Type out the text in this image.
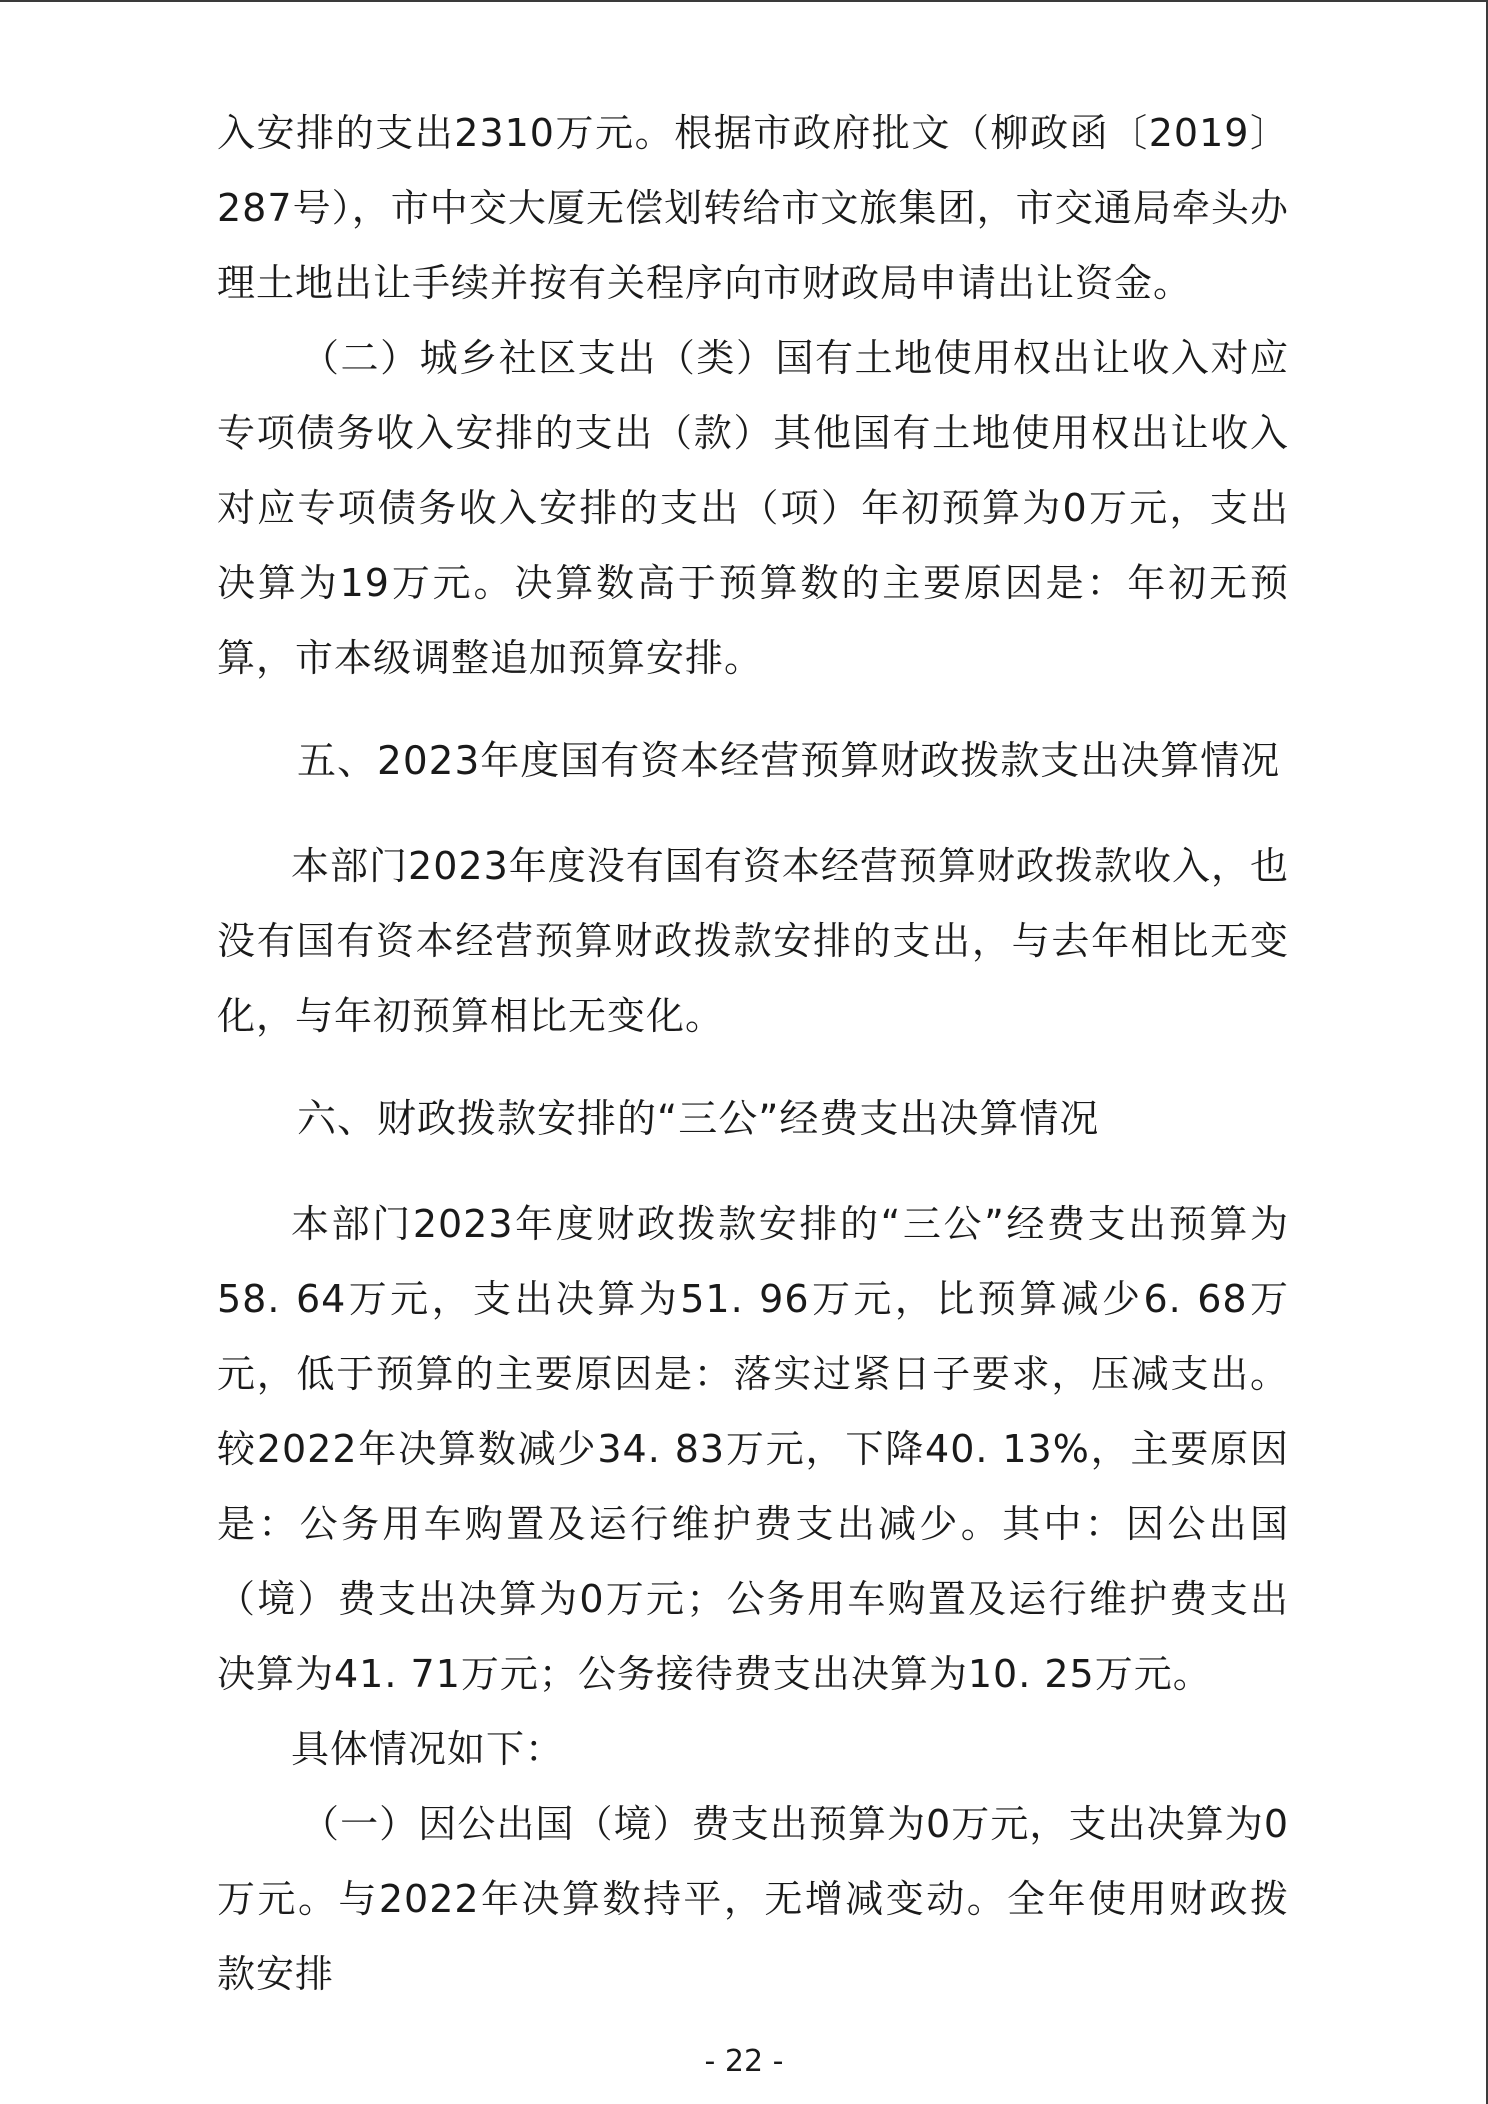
入安排的支出2310万元。根据市政府批文（柳政函〔2019〕287号），市中交大厦无偿划转给市文旅集团，市交通局牵头办理土地出让手续并按有关程序向市财政局申请出让资金。

（二）城乡社区支出（类）国有土地使用权出让收入对应专项债务收入安排的支出（款）其他国有土地使用权出让收入对应专项债务收入安排的支出（项）年初预算为0万元，支出决算为19万元。决算数高于预算数的主要原因是：年初无预算，市本级调整追加预算安排。

五、2023年度国有资本经营预算财政拨款支出决算情况

本部门2023年度没有国有资本经营预算财政拨款收入，也没有国有资本经营预算财政拨款安排的支出，与去年相比无变化，与年初预算相比无变化。

六、财政拨款安排的“三公”经费支出决算情况

本部门2023年度财政拨款安排的“三公”经费支出预算为58. 64万元，支出决算为51. 96万元，比预算减少6. 68万元，低于预算的主要原因是：落实过紧日子要求，压减支出。较2022年决算数减少34. 83万元，下降40. 13%，主要原因是：公务用车购置及运行维护费支出减少。其中：因公出国（境）费支出决算为0万元；公务用车购置及运行维护费支出决算为41. 71万元；公务接待费支出决算为10. 25万元。

具体情况如下：

（一）因公出国（境）费支出预算为0万元，支出决算为0万元。与2022年决算数持平，无增减变动。全年使用财政拨款安排

- 22 -
